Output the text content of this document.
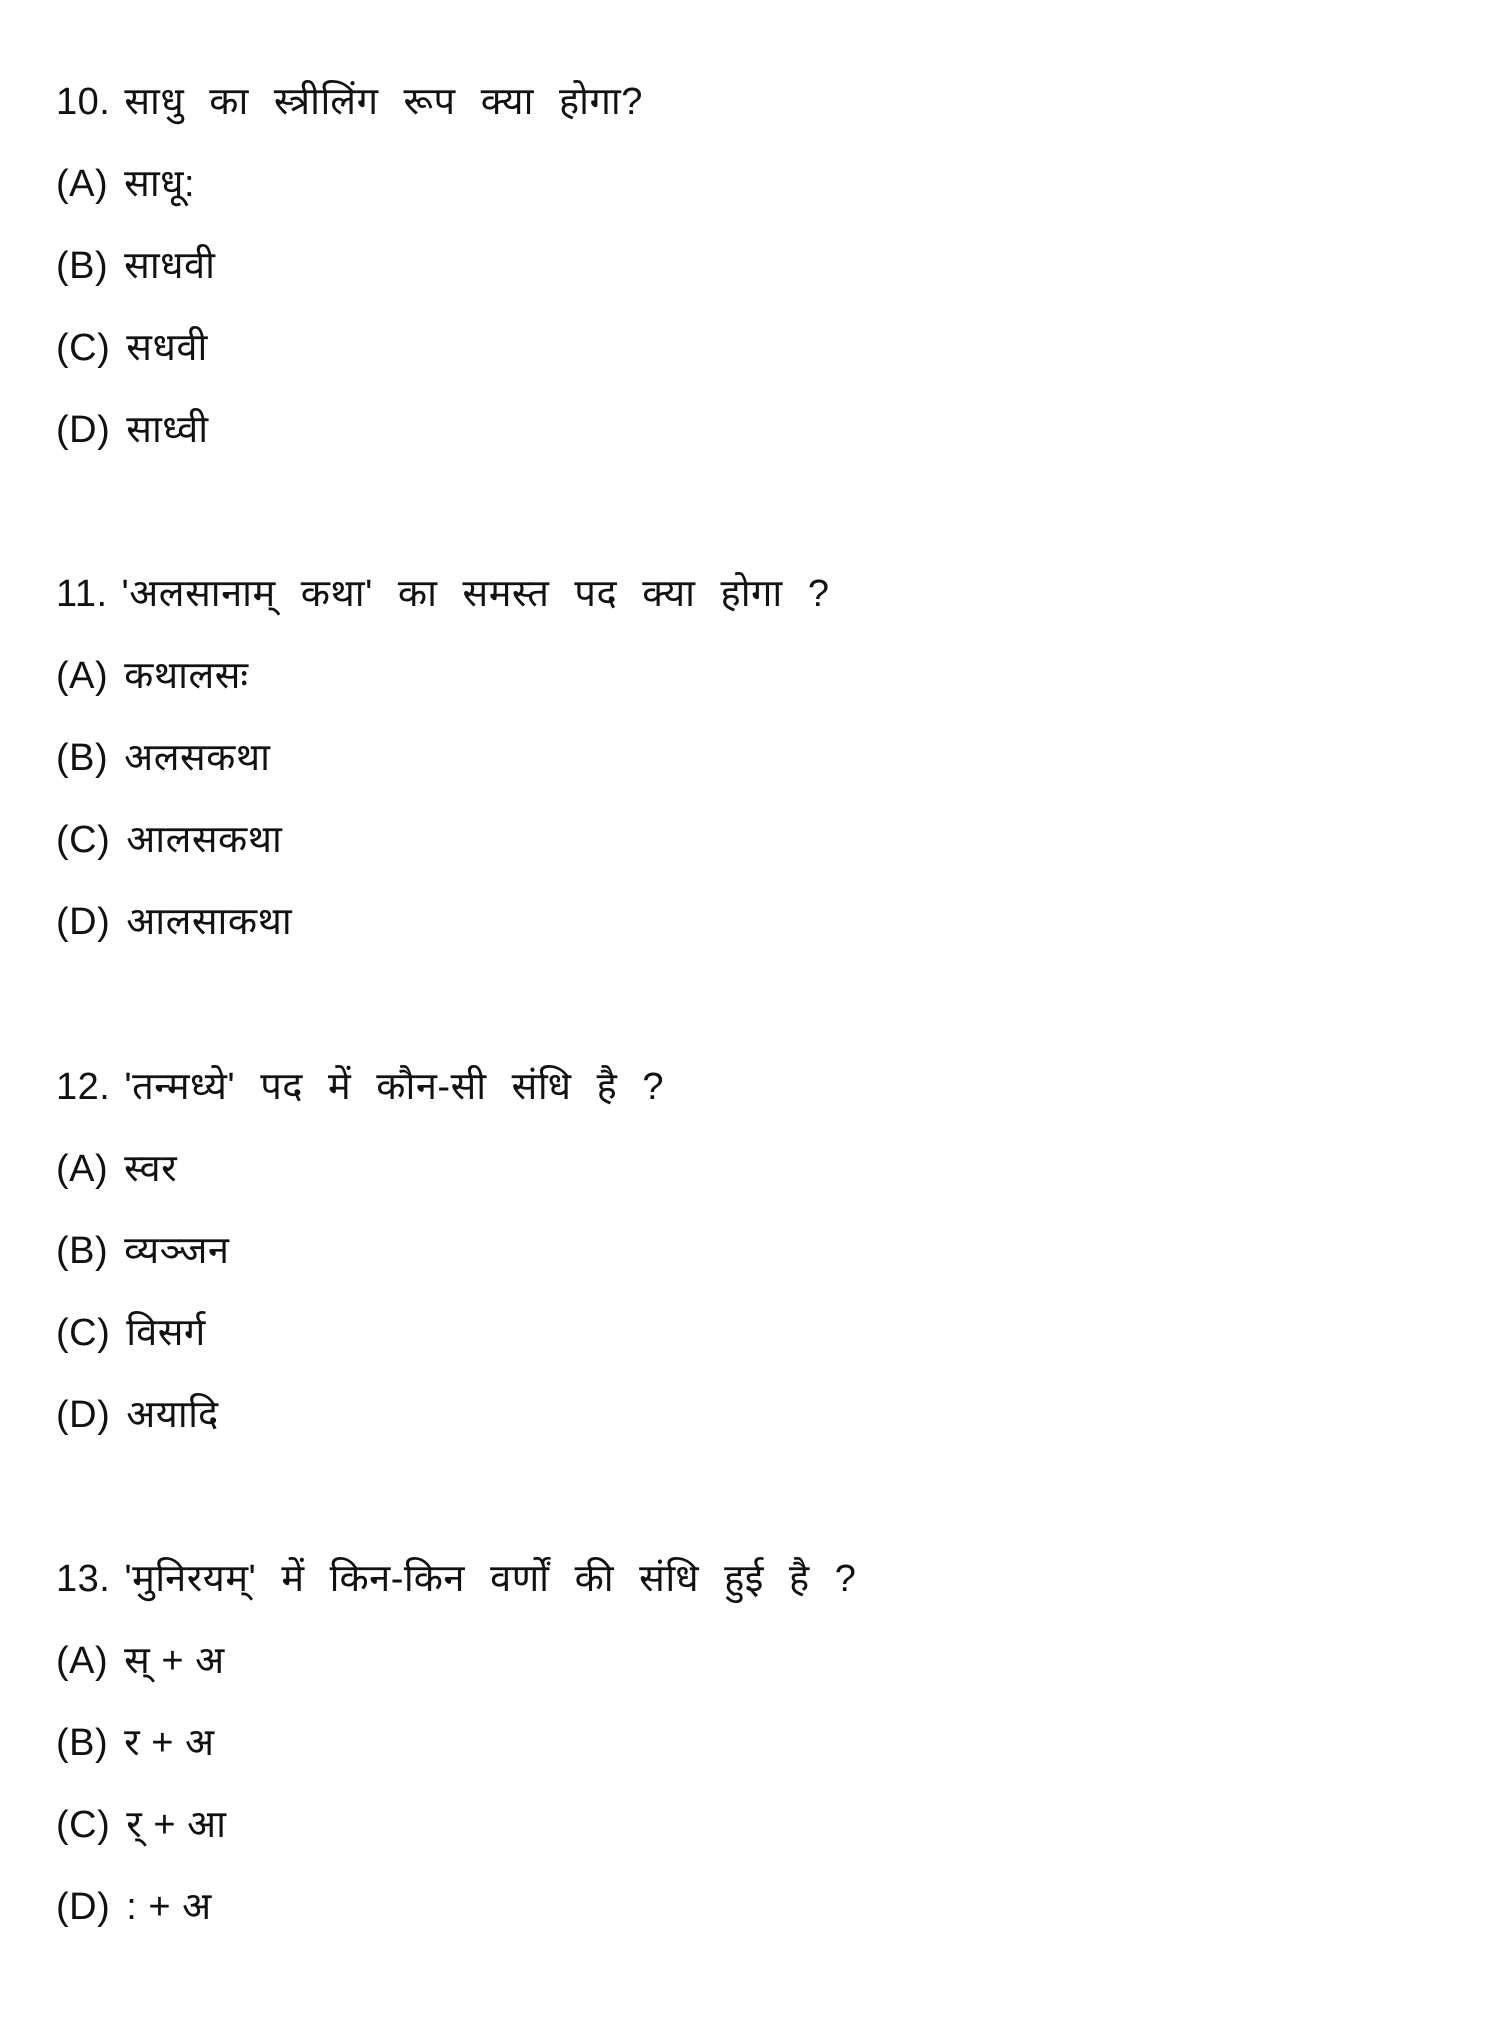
10. साधु का स्त्रीलिंग रूप क्या होगा?
(A) साधू:
(B) साधवी
(C) सधवी
(D) साध्वी
11. 'अलसानाम् कथा' का समस्त पद क्या होगा ?
(A) कथालसः
(B) अलसकथा
(C) आलसकथा
(D) आलसाकथा
12. 'तन्मध्ये' पद में कौन-सी संधि है ?
(A) स्वर
(B) व्यञ्जन
(C) विसर्ग
(D) अयादि
13. 'मुनिरयम्' में किन-किन वर्णों की संधि हुई है ?
(A) स् + अ
(B) र + अ
(C) र् + आ
(D) : + अ
